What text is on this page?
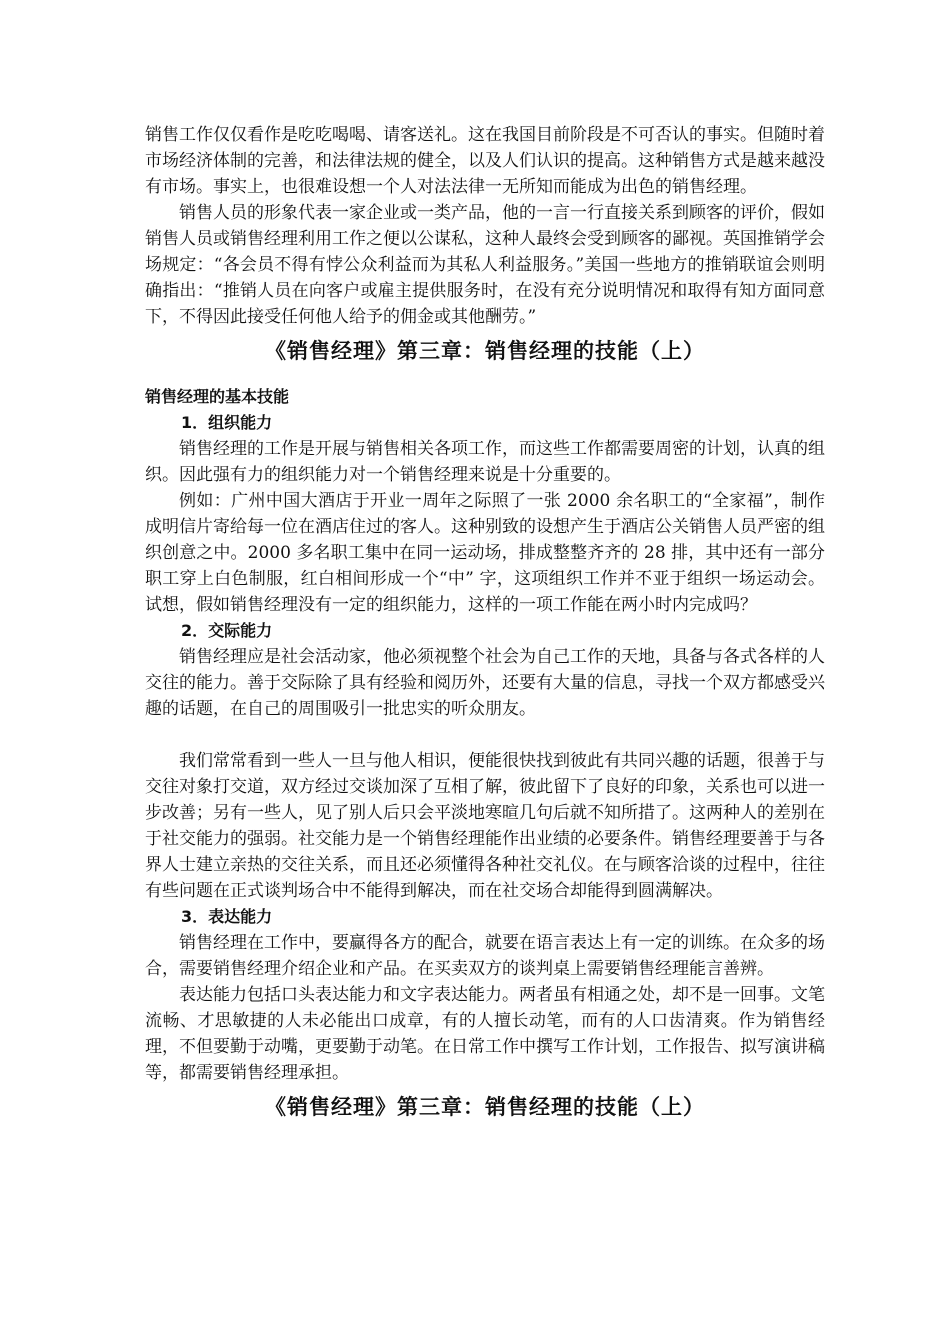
销售工作仅仅看作是吃吃喝喝、请客送礼。这在我国目前阶段是不可否认的事实。但随时着市场经济体制的完善，和法律法规的健全，以及人们认识的提高。这种销售方式是越来越没有市场。事实上，也很难设想一个人对法法律一无所知而能成为出色的销售经理。

销售人员的形象代表一家企业或一类产品，他的一言一行直接关系到顾客的评价，假如销售人员或销售经理利用工作之便以公谋私，这种人最终会受到顾客的鄙视。英国推销学会场规定：“各会员不得有悖公众利益而为其私人利益服务。”美国一些地方的推销联谊会则明确指出：“推销人员在向客户或雇主提供服务时，在没有充分说明情况和取得有知方面同意下，不得因此接受任何他人给予的佣金或其他酬劳。”

《销售经理》第三章：销售经理的技能（上）
销售经理的基本技能
1．组织能力

销售经理的工作是开展与销售相关各项工作，而这些工作都需要周密的计划，认真的组织。因此强有力的组织能力对一个销售经理来说是十分重要的。

例如：广州中国大酒店于开业一周年之际照了一张 2000 余名职工的“全家福”，制作成明信片寄给每一位在酒店住过的客人。这种别致的设想产生于酒店公关销售人员严密的组织创意之中。2000 多名职工集中在同一运动场，排成整整齐齐的 28 排，其中还有一部分职工穿上白色制服，红白相间形成一个“中” 字，这项组织工作并不亚于组织一场运动会。试想，假如销售经理没有一定的组织能力，这样的一项工作能在两小时内完成吗？

2．交际能力

销售经理应是社会活动家，他必须视整个社会为自己工作的天地，具备与各式各样的人交往的能力。善于交际除了具有经验和阅历外，还要有大量的信息，寻找一个双方都感受兴趣的话题，在自己的周围吸引一批忠实的听众朋友。

我们常常看到一些人一旦与他人相识，便能很快找到彼此有共同兴趣的话题，很善于与交往对象打交道，双方经过交谈加深了互相了解，彼此留下了良好的印象，关系也可以进一步改善；另有一些人，见了别人后只会平淡地寒暄几句后就不知所措了。这两种人的差别在于社交能力的强弱。社交能力是一个销售经理能作出业绩的必要条件。销售经理要善于与各界人士建立亲热的交往关系，而且还必须懂得各种社交礼仪。在与顾客洽谈的过程中，往往有些问题在正式谈判场合中不能得到解决，而在社交场合却能得到圆满解决。

3．表达能力

销售经理在工作中，要赢得各方的配合，就要在语言表达上有一定的训练。在众多的场合，需要销售经理介绍企业和产品。在买卖双方的谈判桌上需要销售经理能言善辨。

表达能力包括口头表达能力和文字表达能力。两者虽有相通之处，却不是一回事。文笔流畅、才思敏捷的人未必能出口成章，有的人擅长动笔，而有的人口齿清爽。作为销售经理，不但要勤于动嘴，更要勤于动笔。在日常工作中撰写工作计划，工作报告、拟写演讲稿等，都需要销售经理承担。

《销售经理》第三章：销售经理的技能（上）
